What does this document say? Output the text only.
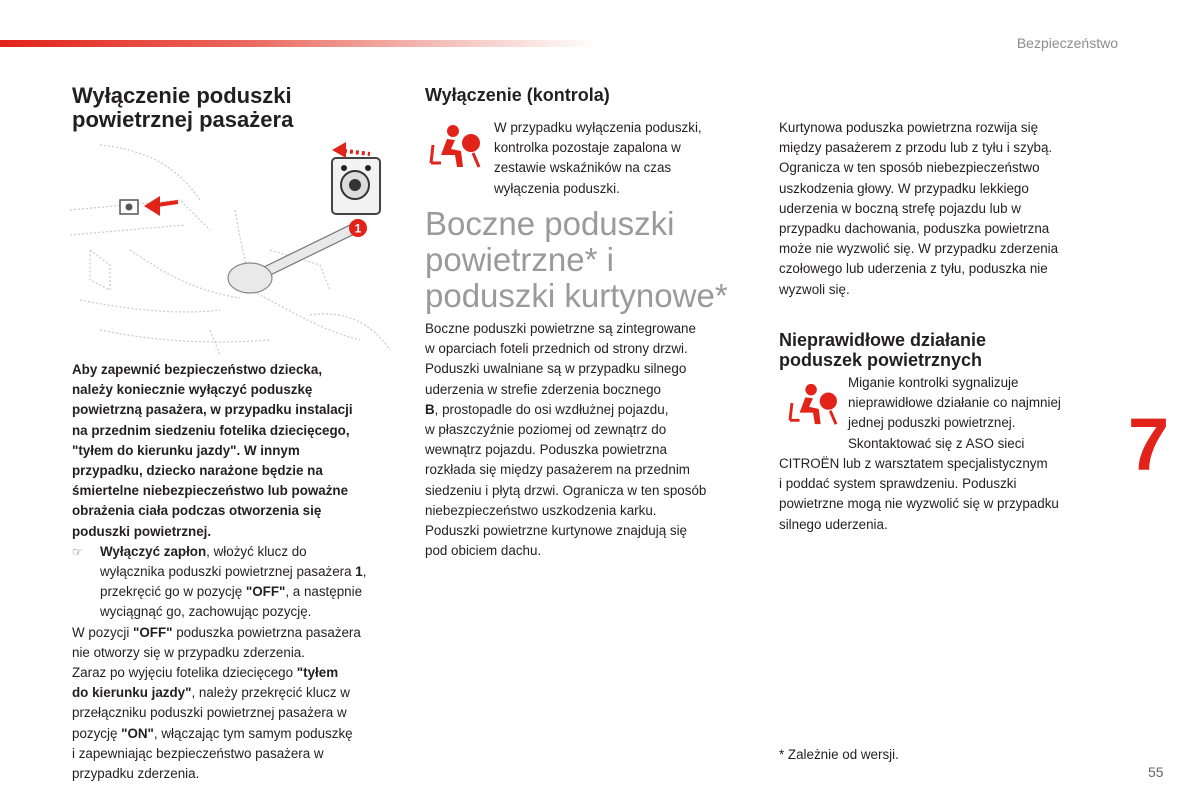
Bezpieczeństwo
7
55
Wyłączenie poduszki
powietrznej pasażera
1

Aby zapewnić bezpieczeństwo dziecka,

należy koniecznie wyłączyć poduszkę

powietrzną pasażera, w przypadku instalacji

na przednim siedzeniu fotelika dziecięcego,

"tyłem do kierunku jazdy". W innym

przypadku, dziecko narażone będzie na

śmiertelne niebezpieczeństwo lub poważne

obrażenia ciała podczas otworzenia się

poduszki powietrznej.

☞	Wyłączyć zapłon, włożyć klucz do

wyłącznika poduszki powietrznej pasażera 1,

przekręcić go w pozycję "OFF", a następnie

wyciągnąć go, zachowując pozycję.

W pozycji "OFF" poduszka powietrzna pasażera

nie otworzy się w przypadku zderzenia.

Zaraz po wyjęciu fotelika dziecięcego "tyłem

do kierunku jazdy", należy przekręcić klucz w

przełączniku poduszki powietrznej pasażera w

pozycję "ON", włączając tym samym poduszkę

i zapewniając bezpieczeństwo pasażera w

przypadku zderzenia.

Wyłączenie (kontrola)

W przypadku wyłączenia poduszki,

kontrolka pozostaje zapalona w

zestawie wskaźników na czas

wyłączenia poduszki.

Boczne poduszki
powietrzne* i
poduszki kurtynowe*

Boczne poduszki powietrzne są zintegrowane

w oparciach foteli przednich od strony drzwi.

Poduszki uwalniane są w przypadku silnego

uderzenia w strefie zderzenia bocznego

B, prostopadle do osi wzdłużnej pojazdu,

w płaszczyźnie poziomej od zewnątrz do

wewnątrz pojazdu. Poduszka powietrzna

rozkłada się między pasażerem na przednim

siedzeniu i płytą drzwi. Ogranicza w ten sposób

niebezpieczeństwo uszkodzenia karku.

Poduszki powietrzne kurtynowe znajdują się

pod obiciem dachu.

Kurtynowa poduszka powietrzna rozwija się

między pasażerem z przodu lub z tyłu i szybą.

Ogranicza w ten sposób niebezpieczeństwo

uszkodzenia głowy. W przypadku lekkiego

uderzenia w boczną strefę pojazdu lub w

przypadku dachowania, poduszka powietrzna

może nie wyzwolić się. W przypadku zderzenia

czołowego lub uderzenia z tyłu, poduszka nie

wyzwoli się.

Nieprawidłowe działanie
poduszek powietrznych

Miganie kontrolki sygnalizuje

nieprawidłowe działanie co najmniej

jednej poduszki powietrznej.

Skontaktować się z ASO sieci

CITROËN lub z warsztatem specjalistycznym

i poddać system sprawdzeniu. Poduszki

powietrzne mogą nie wyzwolić się w przypadku

silnego uderzenia.

* Zależnie od wersji.
